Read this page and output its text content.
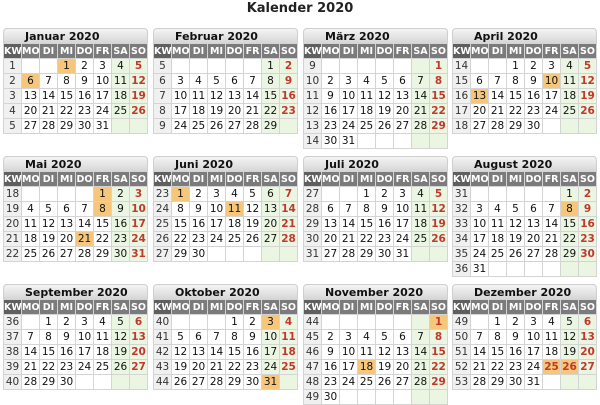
Kalender 2020
Januar 2020
KW	MO	DI	MI	DO	FR	SA	SO
1			1	2	3	4	5
2	6	7	8	9	10	11	12
3	13	14	15	16	17	18	19
4	20	21	22	23	24	25	26
5	27	28	29	30	31		
Februar 2020
KW	MO	DI	MI	DO	FR	SA	SO
5						1	2
6	3	4	5	6	7	8	9
7	10	11	12	13	14	15	16
8	17	18	19	20	21	22	23
9	24	25	26	27	28	29	
März 2020
KW	MO	DI	MI	DO	FR	SA	SO
9							1
10	2	3	4	5	6	7	8
11	9	10	11	12	13	14	15
12	16	17	18	19	20	21	22
13	23	24	25	26	27	28	29
14	30	31					
April 2020
KW	MO	DI	MI	DO	FR	SA	SO
14			1	2	3	4	5
15	6	7	8	9	10	11	12
16	13	14	15	16	17	18	19
17	20	21	22	23	24	25	26
18	27	28	29	30			
Mai 2020
KW	MO	DI	MI	DO	FR	SA	SO
18					1	2	3
19	4	5	6	7	8	9	10
20	11	12	13	14	15	16	17
21	18	19	20	21	22	23	24
22	25	26	27	28	29	30	31
Juni 2020
KW	MO	DI	MI	DO	FR	SA	SO
23	1	2	3	4	5	6	7
24	8	9	10	11	12	13	14
25	15	16	17	18	19	20	21
26	22	23	24	25	26	27	28
27	29	30					
Juli 2020
KW	MO	DI	MI	DO	FR	SA	SO
27			1	2	3	4	5
28	6	7	8	9	10	11	12
29	13	14	15	16	17	18	19
30	20	21	22	23	24	25	26
31	27	28	29	30	31		
August 2020
KW	MO	DI	MI	DO	FR	SA	SO
31						1	2
32	3	4	5	6	7	8	9
33	10	11	12	13	14	15	16
34	17	18	19	20	21	22	23
35	24	25	26	27	28	29	30
36	31						
September 2020
KW	MO	DI	MI	DO	FR	SA	SO
36		1	2	3	4	5	6
37	7	8	9	10	11	12	13
38	14	15	16	17	18	19	20
39	21	22	23	24	25	26	27
40	28	29	30				
Oktober 2020
KW	MO	DI	MI	DO	FR	SA	SO
40				1	2	3	4
41	5	6	7	8	9	10	11
42	12	13	14	15	16	17	18
43	19	20	21	22	23	24	25
44	26	27	28	29	30	31	
November 2020
KW	MO	DI	MI	DO	FR	SA	SO
44							1
45	2	3	4	5	6	7	8
46	9	10	11	12	13	14	15
47	16	17	18	19	20	21	22
48	23	24	25	26	27	28	29
49	30						
Dezember 2020
KW	MO	DI	MI	DO	FR	SA	SO
49		1	2	3	4	5	6
50	7	8	9	10	11	12	13
51	14	15	16	17	18	19	20
52	21	22	23	24	25	26	27
53	28	29	30	31			
